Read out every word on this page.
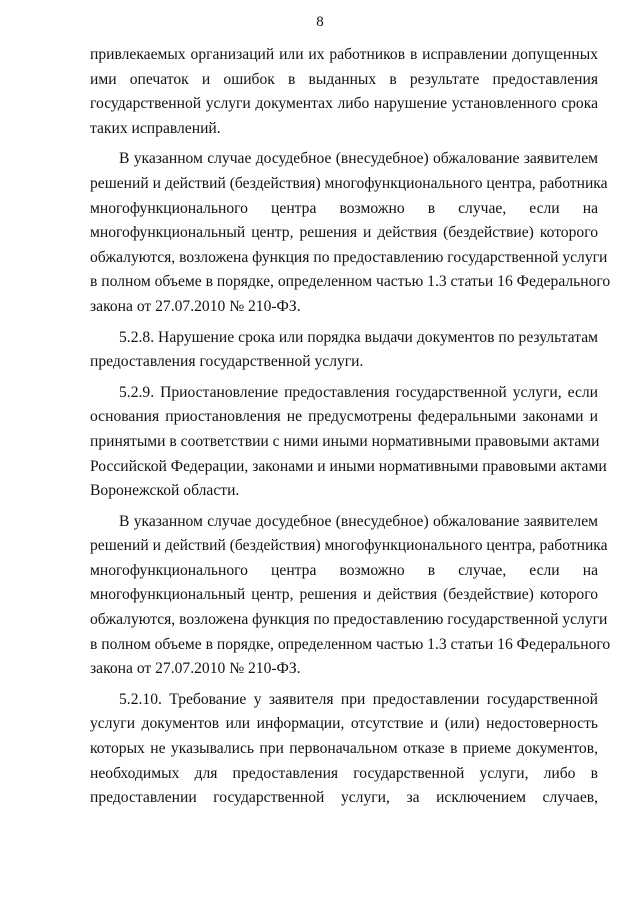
8
привлекаемых организаций или их работников в исправлении допущенных
ими опечаток и ошибок в выданных в результате предоставления
государственной услуги документах либо нарушение установленного срока
таких исправлений.
В указанном случае досудебное (внесудебное) обжалование заявителем
решений и действий (бездействия) многофункционального центра, работника
многофункционального центра возможно в случае, если на
многофункциональный центр, решения и действия (бездействие) которого
обжалуются, возложена функция по предоставлению государственной услуги
в полном объеме в порядке, определенном частью 1.3 статьи 16 Федерального
закона от 27.07.2010 № 210-ФЗ.
5.2.8. Нарушение срока или порядка выдачи документов по результатам
предоставления государственной услуги.
5.2.9. Приостановление предоставления государственной услуги, если
основания приостановления не предусмотрены федеральными законами и
принятыми в соответствии с ними иными нормативными правовыми актами
Российской Федерации, законами и иными нормативными правовыми актами
Воронежской области.
В указанном случае досудебное (внесудебное) обжалование заявителем
решений и действий (бездействия) многофункционального центра, работника
многофункционального центра возможно в случае, если на
многофункциональный центр, решения и действия (бездействие) которого
обжалуются, возложена функция по предоставлению государственной услуги
в полном объеме в порядке, определенном частью 1.3 статьи 16 Федерального
закона от 27.07.2010 № 210-ФЗ.
5.2.10. Требование у заявителя при предоставлении государственной
услуги документов или информации, отсутствие и (или) недостоверность
которых не указывались при первоначальном отказе в приеме документов,
необходимых для предоставления государственной услуги, либо в
предоставлении государственной услуги, за исключением случаев,
